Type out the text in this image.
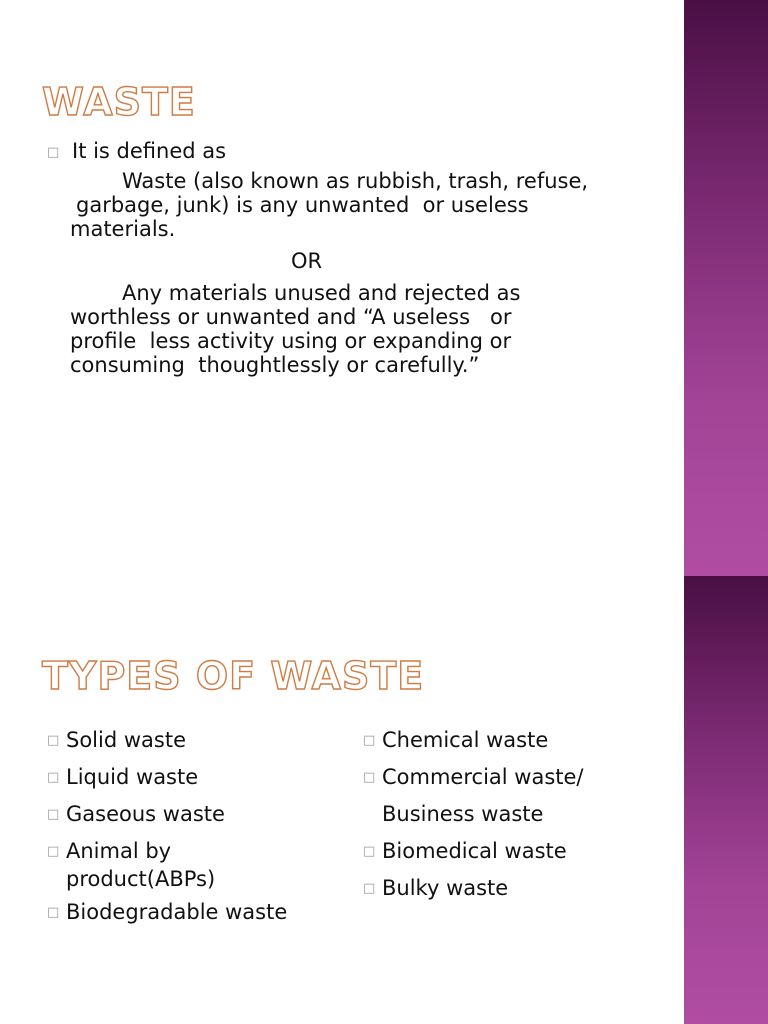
WASTE
□ It is defined as
Waste (also known as rubbish, trash, refuse,
garbage, junk) is any unwanted  or useless
materials.
OR
Any materials unused and rejected as
worthless or unwanted and “A useless   or
profile  less activity using or expanding or
consuming  thoughtlessly or carefully.”
TYPES OF WASTE
□ Solid waste
□ Liquid waste
□ Gaseous waste
□ Animal by
product(ABPs)
□ Biodegradable waste
□ Chemical waste
□ Commercial waste/
Business waste
□ Biomedical waste
□ Bulky waste
